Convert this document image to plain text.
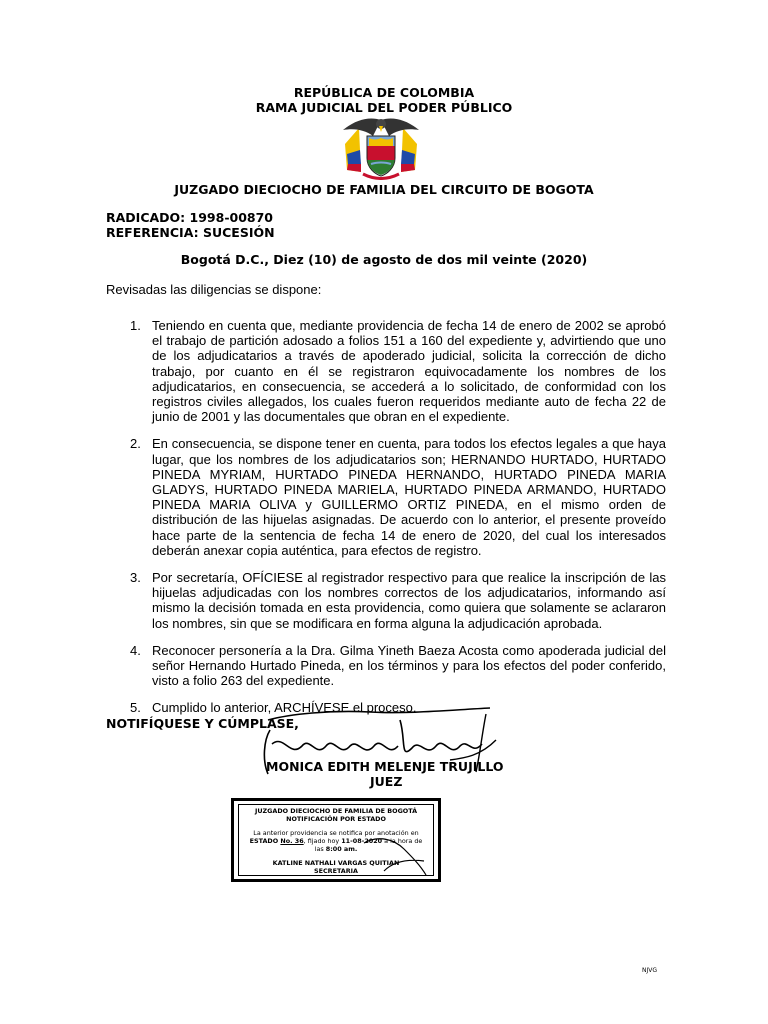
REPÚBLICA DE COLOMBIA
RAMA JUDICIAL DEL PODER PÚBLICO
JUZGADO DIECIOCHO DE FAMILIA DEL CIRCUITO DE BOGOTA
RADICADO: 1998-00870
REFERENCIA: SUCESIÓN
Bogotá D.C., Diez (10) de agosto de dos mil veinte (2020)
Revisadas las diligencias se dispone:
1. Teniendo en cuenta que, mediante providencia de fecha 14 de enero de 2002 se aprobó el trabajo de partición adosado a folios 151 a 160 del expediente y, advirtiendo que uno de los adjudicatarios a través de apoderado judicial, solicita la corrección de dicho trabajo, por cuanto en él se registraron equivocadamente los nombres de los adjudicatarios, en consecuencia, se accederá a lo solicitado, de conformidad con los registros civiles allegados, los cuales fueron requeridos mediante auto de fecha 22 de junio de 2001 y las documentales que obran en el expediente.
2. En consecuencia, se dispone tener en cuenta, para todos los efectos legales a que haya lugar, que los nombres de los adjudicatarios son; HERNANDO HURTADO, HURTADO PINEDA MYRIAM, HURTADO PINEDA HERNANDO, HURTADO PINEDA MARIA GLADYS, HURTADO PINEDA MARIELA, HURTADO PINEDA ARMANDO, HURTADO PINEDA MARIA OLIVA y GUILLERMO ORTIZ PINEDA, en el mismo orden de distribución de las hijuelas asignadas. De acuerdo con lo anterior, el presente proveído hace parte de la sentencia de fecha 14 de enero de 2020, del cual los interesados deberán anexar copia auténtica, para efectos de registro.
3. Por secretaría, OFÍCIESE al registrador respectivo para que realice la inscripción de las hijuelas adjudicadas con los nombres correctos de los adjudicatarios, informando así mismo la decisión tomada en esta providencia, como quiera que solamente se aclararon los nombres, sin que se modificara en forma alguna la adjudicación aprobada.
4. Reconocer personería a la Dra. Gilma Yineth Baeza Acosta como apoderada judicial del señor Hernando Hurtado Pineda, en los términos y para los efectos del poder conferido, visto a folio 263 del expediente.
5. Cumplido lo anterior, ARCHÍVESE el proceso.
NOTIFÍQUESE Y CÚMPLASE,
MONICA EDITH MELENJE TRUJILLO
JUEZ
JUZGADO DIECIOCHO DE FAMILIA DE BOGOTÁ
NOTIFICACIÓN POR ESTADO
La anterior providencia se notifica por anotación en
ESTADO No. 36, fijado hoy 11-08-2020 a la hora de
las 8:00 am.
KATLINE NATHALI VARGAS QUITIAN
SECRETARIA
NJVG
